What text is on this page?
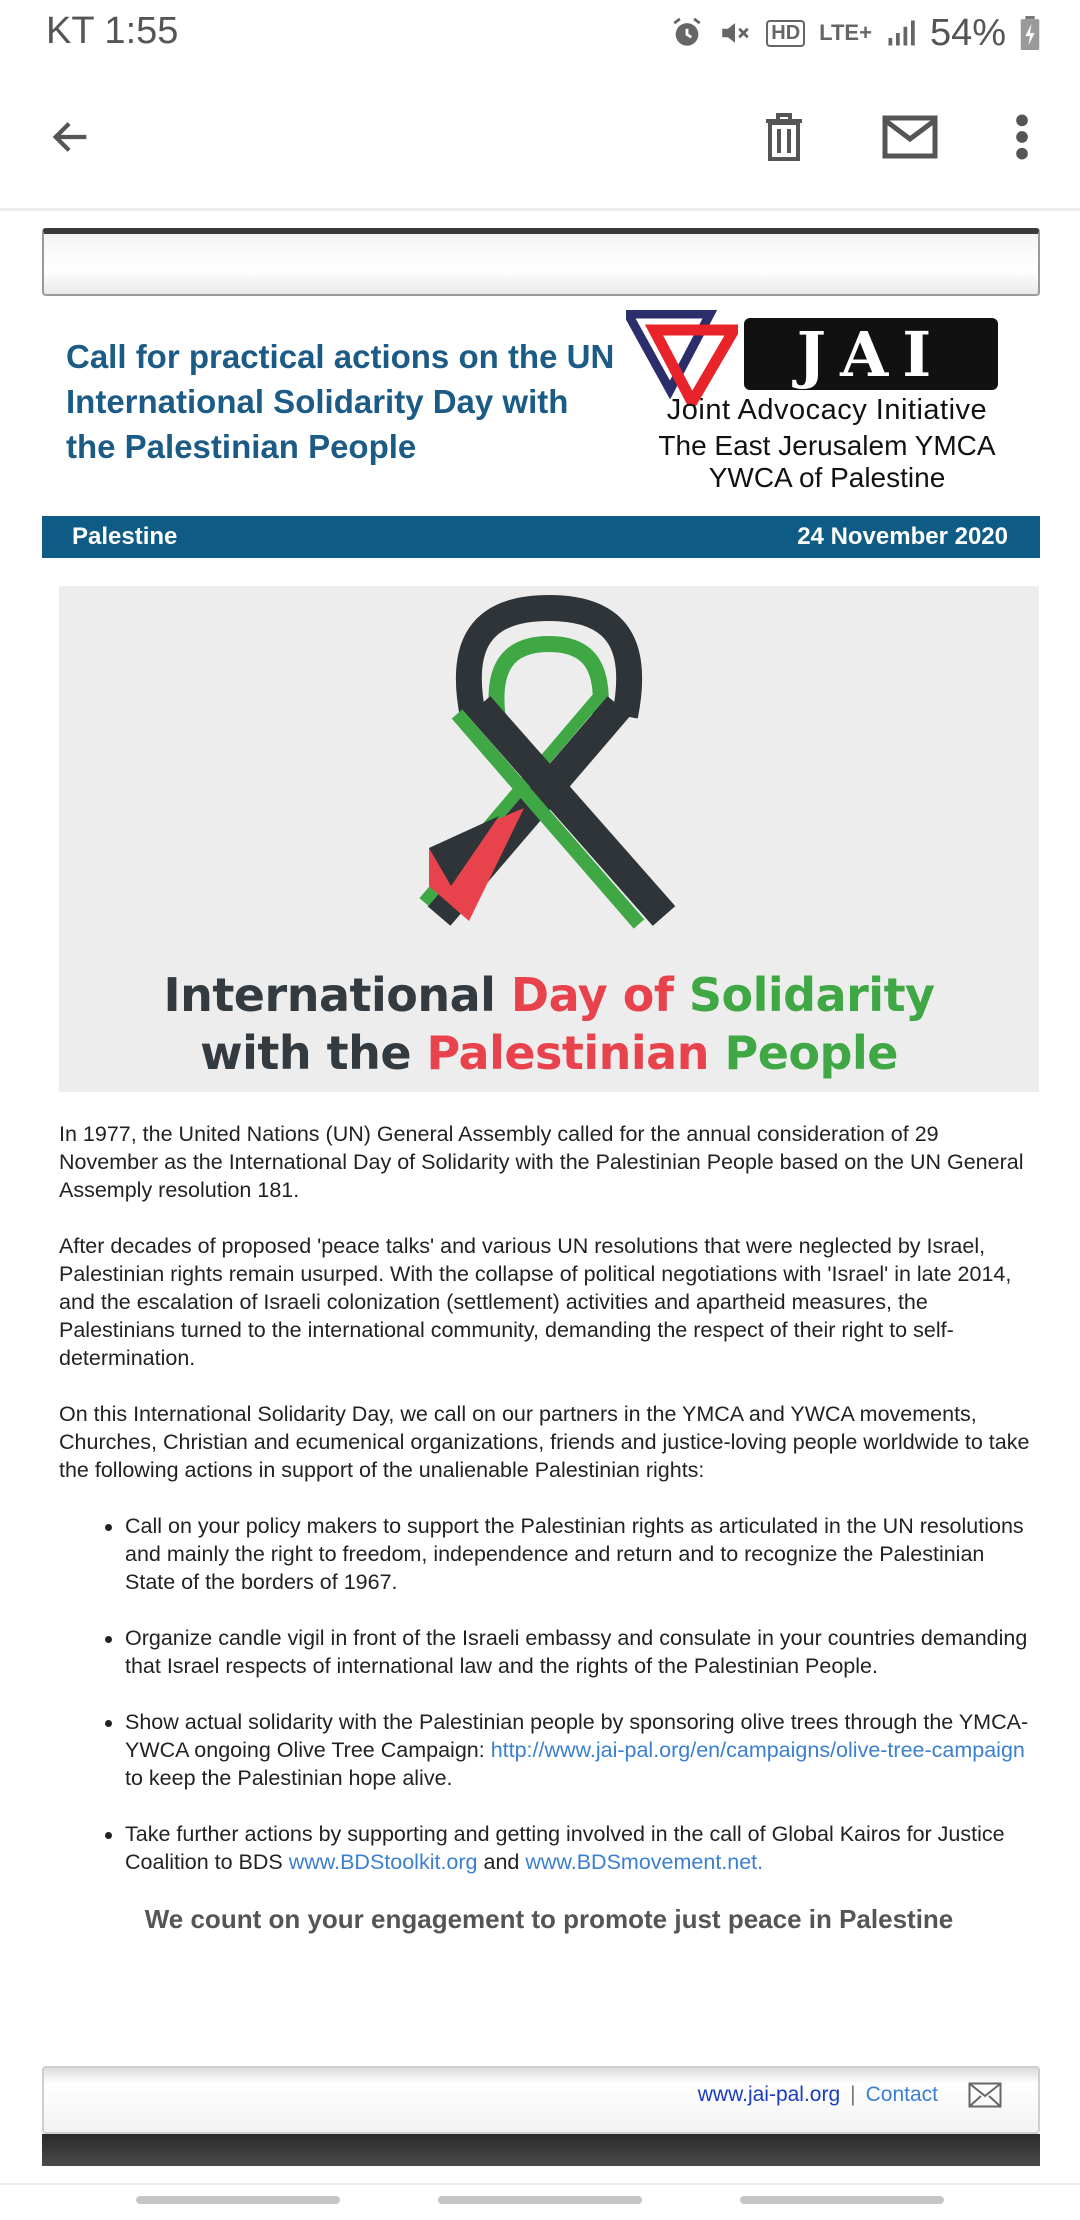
KT 1:55	HD LTE+ 54%
Call for practical actions on the UN International Solidarity Day with the Palestinian People
JAI
Joint Advocacy Initiative
The East Jerusalem YMCA
YWCA of Palestine
Palestine	24 November 2020
International Day of Solidarity
with the Palestinian People

In 1977, the United Nations (UN) General Assembly called for the annual consideration of 29 November as the International Day of Solidarity with the Palestinian People based on the UN General Assemply resolution 181.

After decades of proposed 'peace talks' and various UN resolutions that were neglected by Israel, Palestinian rights remain usurped. With the collapse of political negotiations with 'Israel' in late 2014, and the escalation of Israeli colonization (settlement) activities and apartheid measures, the Palestinians turned to the international community, demanding the respect of their right to self-determination.

On this International Solidarity Day, we call on our partners in the YMCA and YWCA movements, Churches, Christian and ecumenical organizations, friends and justice-loving people worldwide to take the following actions in support of the unalienable Palestinian rights:

Call on your policy makers to support the Palestinian rights as articulated in the UN resolutions and mainly the right to freedom, independence and return and to recognize the Palestinian State of the borders of 1967.
Organize candle vigil in front of the Israeli embassy and consulate in your countries demanding that Israel respects of international law and the rights of the Palestinian People.
Show actual solidarity with the Palestinian people by sponsoring olive trees through the YMCA-YWCA ongoing Olive Tree Campaign: http://www.jai-pal.org/en/campaigns/olive-tree-campaign to keep the Palestinian hope alive.
Take further actions by supporting and getting involved in the call of Global Kairos for Justice Coalition to BDS www.BDStoolkit.org and www.BDSmovement.net.
We count on your engagement to promote just peace in Palestine
www.jai-pal.org | Contact
